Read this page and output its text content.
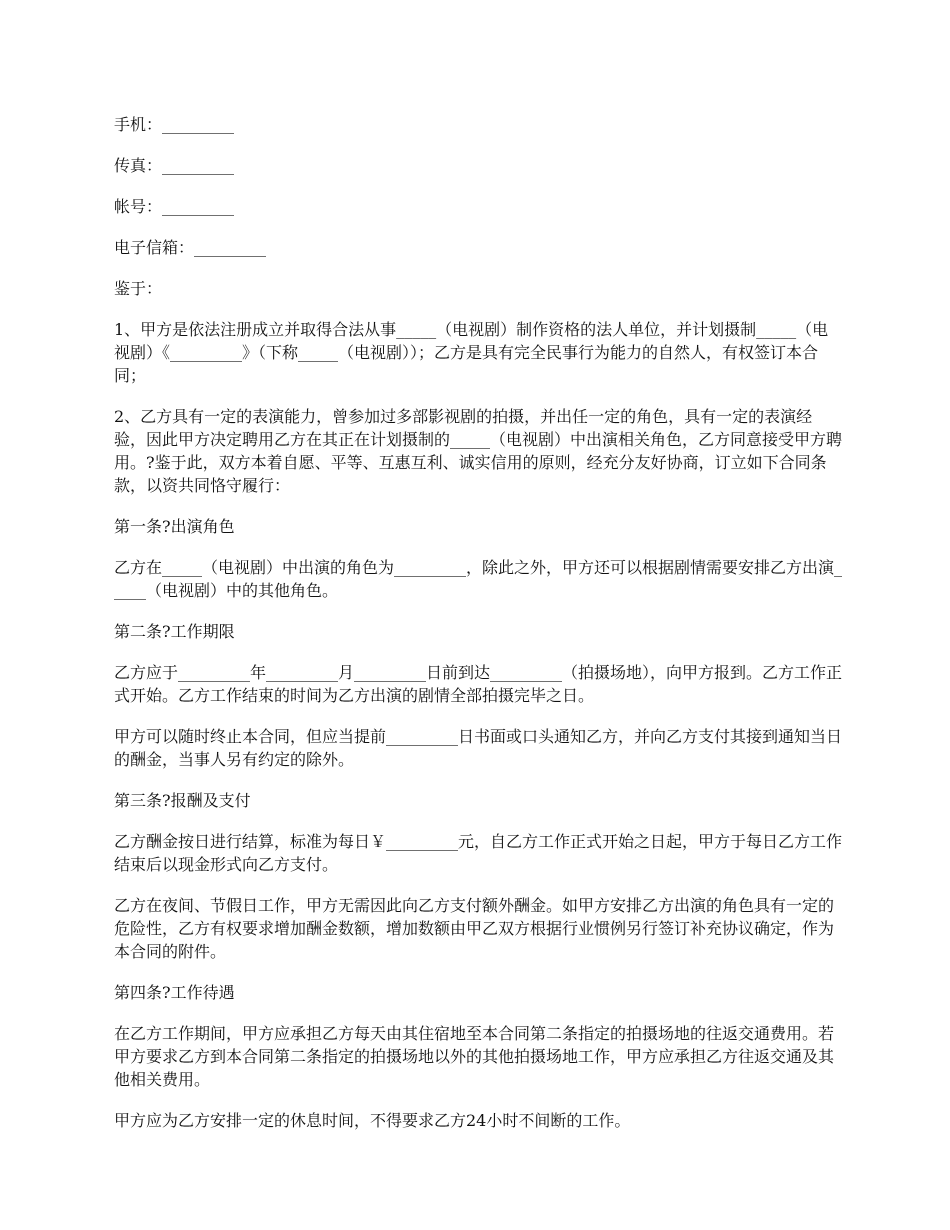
手机：_________

传真：_________

帐号：_________

电子信箱：_________

鉴于：

1、甲方是依法注册成立并取得合法从事_____（电视剧）制作资格的法人单位，并计划摄制_____（电视剧）《_________》（下称_____（电视剧））；乙方是具有完全民事行为能力的自然人，有权签订本合同；

2、乙方具有一定的表演能力，曾参加过多部影视剧的拍摄，并出任一定的角色，具有一定的表演经验，因此甲方决定聘用乙方在其正在计划摄制的_____（电视剧）中出演相关角色，乙方同意接受甲方聘用。?鉴于此，双方本着自愿、平等、互惠互利、诚实信用的原则，经充分友好协商，订立如下合同条款，以资共同恪守履行：

第一条?出演角色

乙方在_____（电视剧）中出演的角色为_________，除此之外，甲方还可以根据剧情需要安排乙方出演_____（电视剧）中的其他角色。

第二条?工作期限

乙方应于_________年_________月_________日前到达_________（拍摄场地），向甲方报到。乙方工作正式开始。乙方工作结束的时间为乙方出演的剧情全部拍摄完毕之日。

甲方可以随时终止本合同，但应当提前_________日书面或口头通知乙方，并向乙方支付其接到通知当日的酬金，当事人另有约定的除外。

第三条?报酬及支付

乙方酬金按日进行结算，标准为每日￥_________元，自乙方工作正式开始之日起，甲方于每日乙方工作结束后以现金形式向乙方支付。

乙方在夜间、节假日工作，甲方无需因此向乙方支付额外酬金。如甲方安排乙方出演的角色具有一定的危险性，乙方有权要求增加酬金数额，增加数额由甲乙双方根据行业惯例另行签订补充协议确定，作为本合同的附件。

第四条?工作待遇

在乙方工作期间，甲方应承担乙方每天由其住宿地至本合同第二条指定的拍摄场地的往返交通费用。若甲方要求乙方到本合同第二条指定的拍摄场地以外的其他拍摄场地工作，甲方应承担乙方往返交通及其他相关费用。

甲方应为乙方安排一定的休息时间，不得要求乙方24小时不间断的工作。
